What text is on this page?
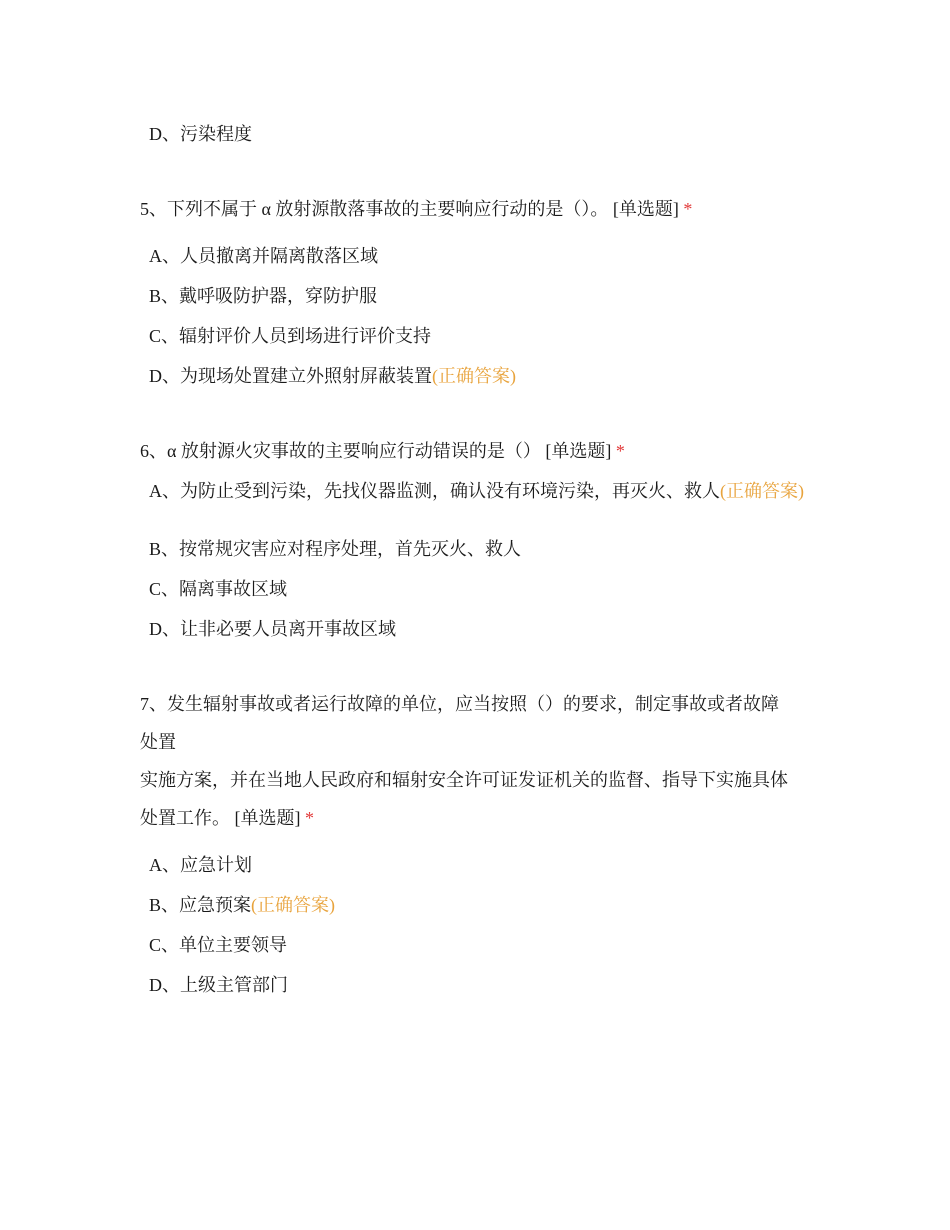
D、污染程度
5、下列不属于 α 放射源散落事故的主要响应行动的是（）。 [单选题] *
A、人员撤离并隔离散落区域
B、戴呼吸防护器，穿防护服
C、辐射评价人员到场进行评价支持
D、为现场处置建立外照射屏蔽装置(正确答案)
6、α 放射源火灾事故的主要响应行动错误的是（） [单选题] *
A、为防止受到污染，先找仪器监测，确认没有环境污染，再灭火、救人(正确答案)
B、按常规灾害应对程序处理，首先灭火、救人
C、隔离事故区域
D、让非必要人员离开事故区域
7、发生辐射事故或者运行故障的单位，应当按照（）的要求，制定事故或者故障
处置
实施方案，并在当地人民政府和辐射安全许可证发证机关的监督、指导下实施具体
处置工作。 [单选题] *
A、应急计划
B、应急预案(正确答案)
C、单位主要领导
D、上级主管部门
